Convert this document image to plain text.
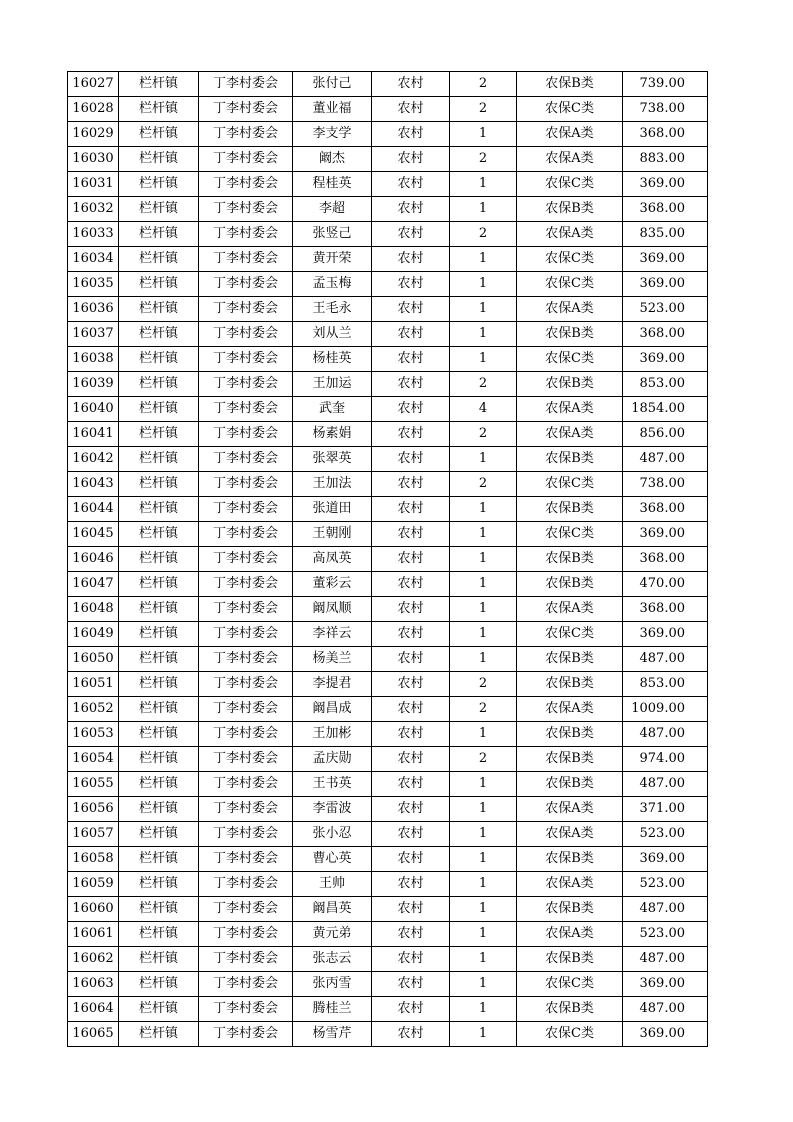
16027	栏杆镇	丁李村委会	张付己	农村	2	农保B类	739.00
16028	栏杆镇	丁李村委会	董业福	农村	2	农保C类	738.00
16029	栏杆镇	丁李村委会	李支学	农村	1	农保A类	368.00
16030	栏杆镇	丁李村委会	阚杰	农村	2	农保A类	883.00
16031	栏杆镇	丁李村委会	程桂英	农村	1	农保C类	369.00
16032	栏杆镇	丁李村委会	李超	农村	1	农保B类	368.00
16033	栏杆镇	丁李村委会	张竖己	农村	2	农保A类	835.00
16034	栏杆镇	丁李村委会	黄开荣	农村	1	农保C类	369.00
16035	栏杆镇	丁李村委会	孟玉梅	农村	1	农保C类	369.00
16036	栏杆镇	丁李村委会	王毛永	农村	1	农保A类	523.00
16037	栏杆镇	丁李村委会	刘从兰	农村	1	农保B类	368.00
16038	栏杆镇	丁李村委会	杨桂英	农村	1	农保C类	369.00
16039	栏杆镇	丁李村委会	王加运	农村	2	农保B类	853.00
16040	栏杆镇	丁李村委会	武奎	农村	4	农保A类	1854.00
16041	栏杆镇	丁李村委会	杨素娟	农村	2	农保A类	856.00
16042	栏杆镇	丁李村委会	张翠英	农村	1	农保B类	487.00
16043	栏杆镇	丁李村委会	王加法	农村	2	农保C类	738.00
16044	栏杆镇	丁李村委会	张道田	农村	1	农保B类	368.00
16045	栏杆镇	丁李村委会	王朝刚	农村	1	农保C类	369.00
16046	栏杆镇	丁李村委会	高凤英	农村	1	农保B类	368.00
16047	栏杆镇	丁李村委会	董彩云	农村	1	农保B类	470.00
16048	栏杆镇	丁李村委会	阚凤顺	农村	1	农保A类	368.00
16049	栏杆镇	丁李村委会	李祥云	农村	1	农保C类	369.00
16050	栏杆镇	丁李村委会	杨美兰	农村	1	农保B类	487.00
16051	栏杆镇	丁李村委会	李提君	农村	2	农保B类	853.00
16052	栏杆镇	丁李村委会	阚昌成	农村	2	农保A类	1009.00
16053	栏杆镇	丁李村委会	王加彬	农村	1	农保B类	487.00
16054	栏杆镇	丁李村委会	孟庆勋	农村	2	农保B类	974.00
16055	栏杆镇	丁李村委会	王书英	农村	1	农保B类	487.00
16056	栏杆镇	丁李村委会	李雷波	农村	1	农保A类	371.00
16057	栏杆镇	丁李村委会	张小忍	农村	1	农保A类	523.00
16058	栏杆镇	丁李村委会	曹心英	农村	1	农保B类	369.00
16059	栏杆镇	丁李村委会	王帅	农村	1	农保A类	523.00
16060	栏杆镇	丁李村委会	阚昌英	农村	1	农保B类	487.00
16061	栏杆镇	丁李村委会	黄元弟	农村	1	农保A类	523.00
16062	栏杆镇	丁李村委会	张志云	农村	1	农保B类	487.00
16063	栏杆镇	丁李村委会	张丙雪	农村	1	农保C类	369.00
16064	栏杆镇	丁李村委会	腾桂兰	农村	1	农保B类	487.00
16065	栏杆镇	丁李村委会	杨雪芹	农村	1	农保C类	369.00
